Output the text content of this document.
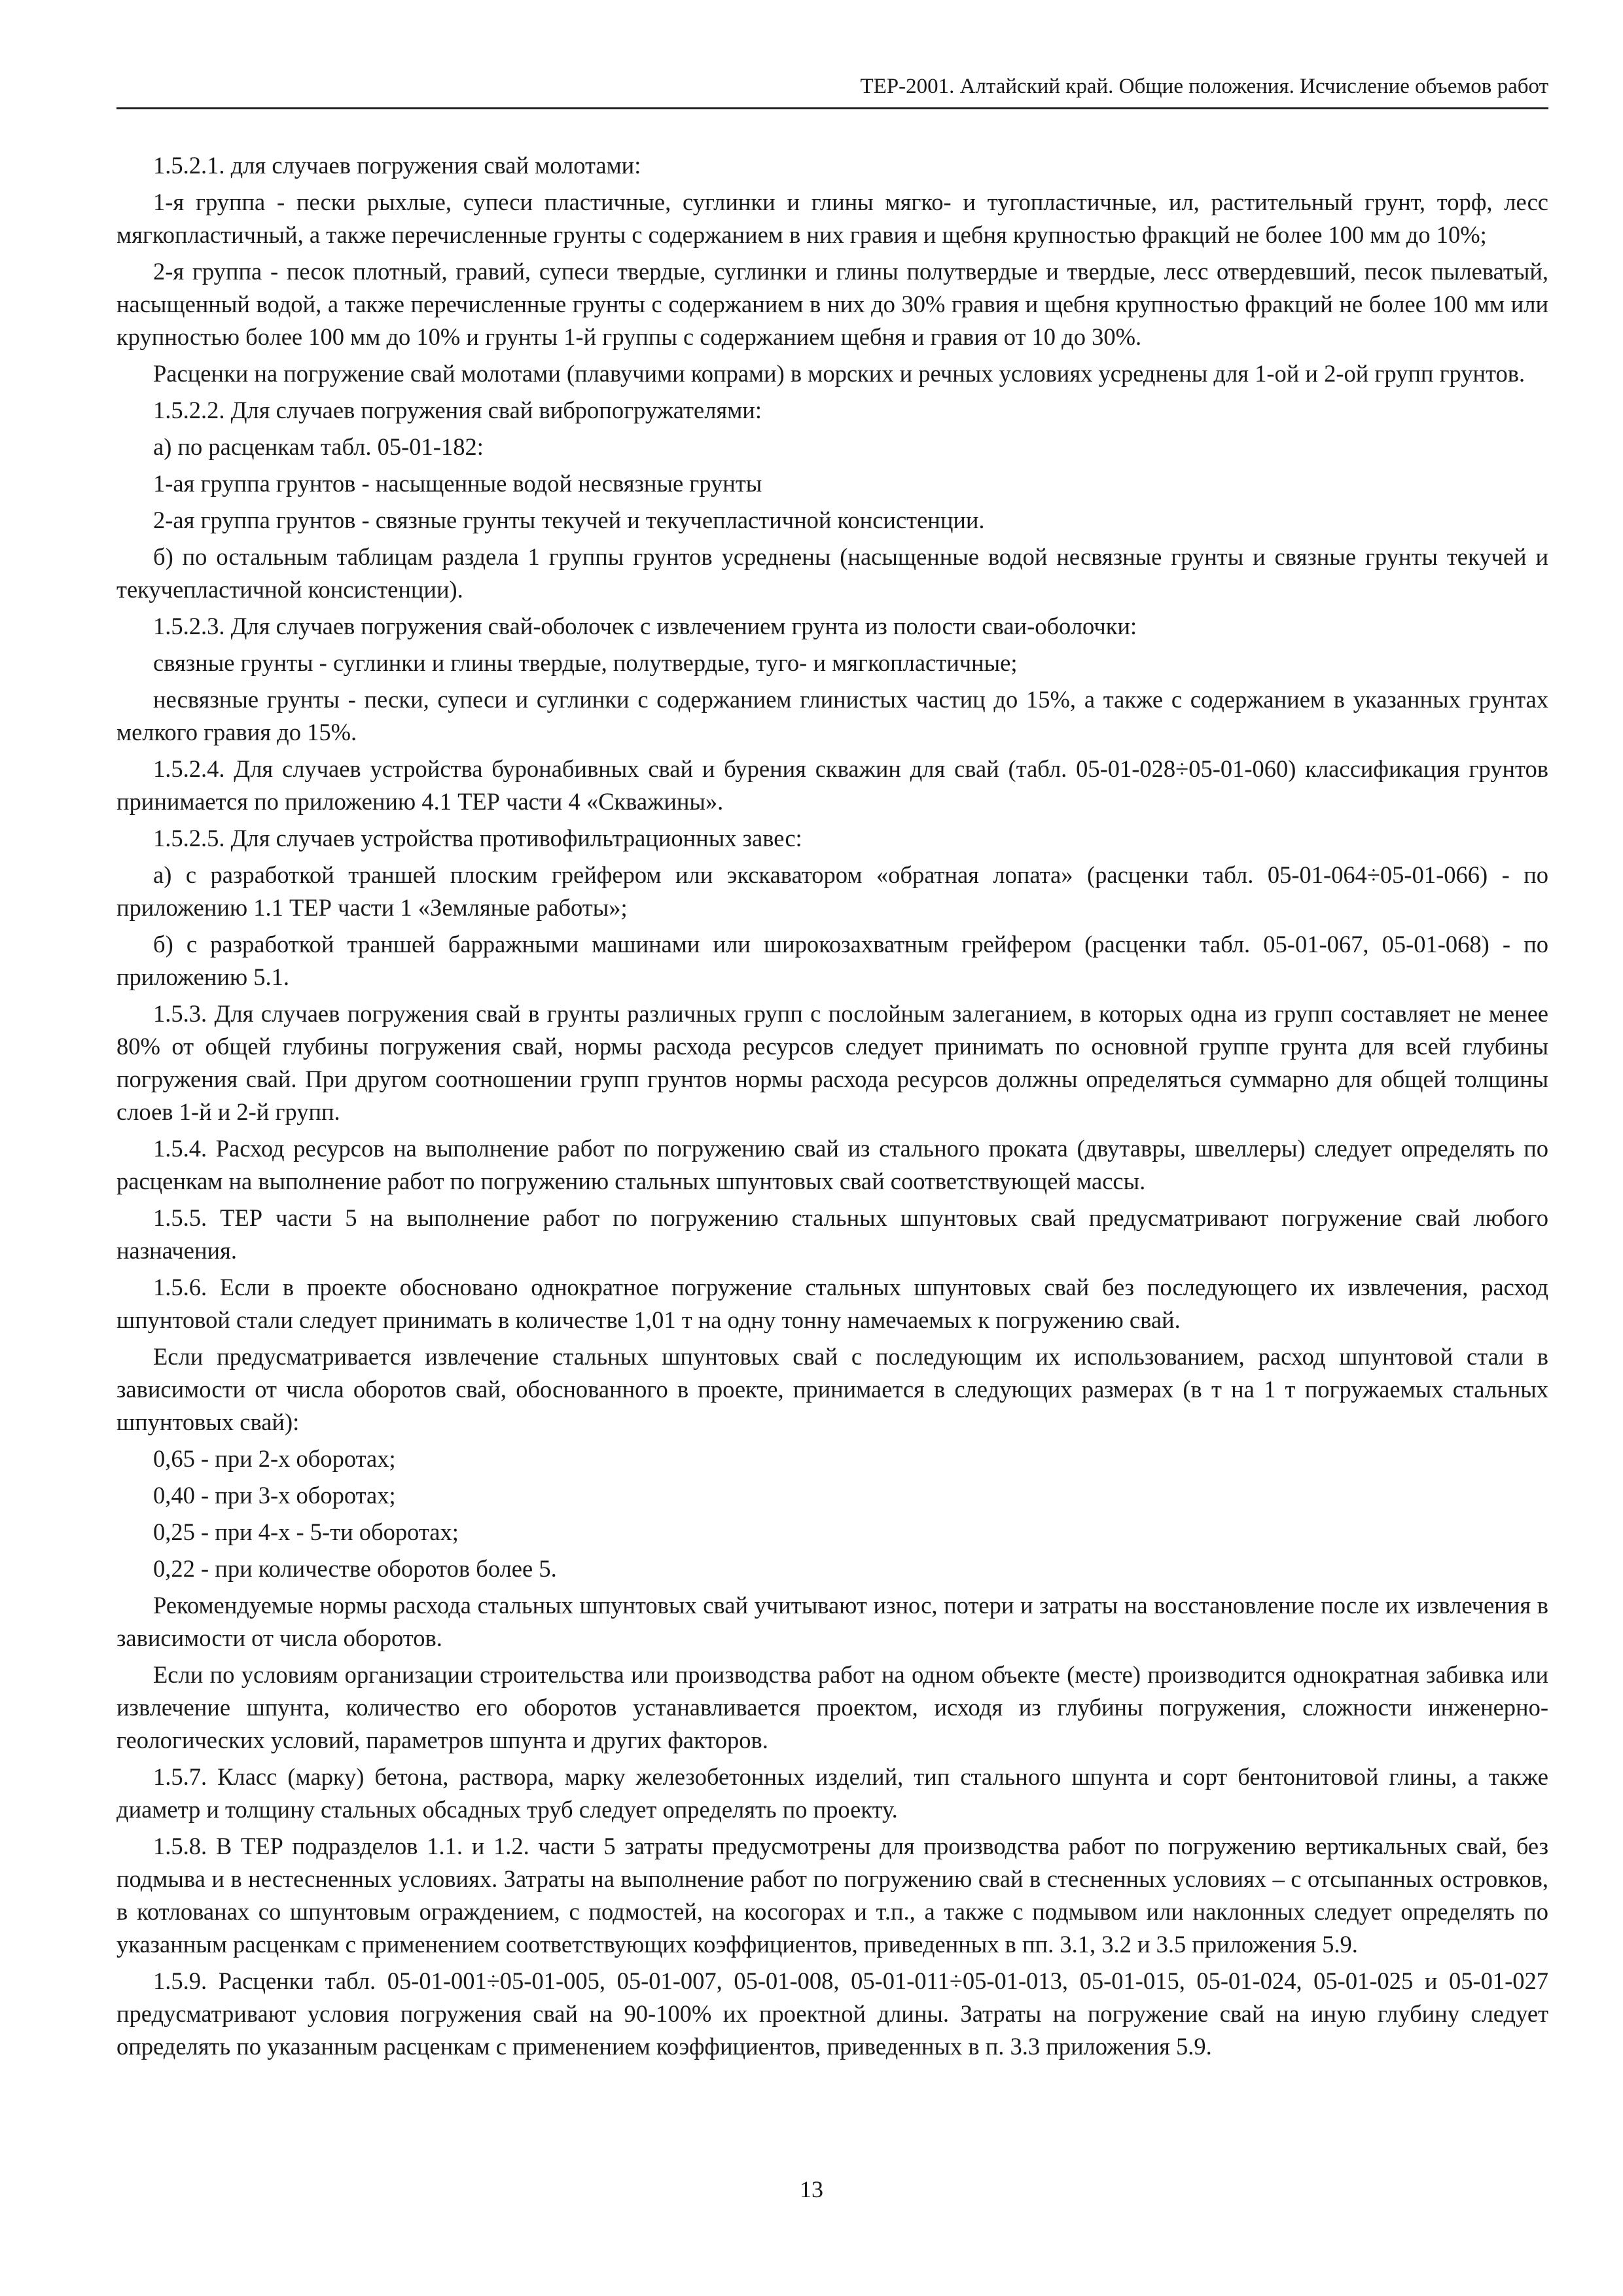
ТЕР-2001. Алтайский край. Общие положения. Исчисление объемов работ

1.5.2.1. для случаев погружения свай молотами:

1-я группа - пески рыхлые, супеси пластичные, суглинки и глины мягко- и тугопластичные, ил, растительный грунт, торф, лесс мягкопластичный, а также перечисленные грунты с содержанием в них гравия и щебня крупностью фракций не более 100 мм до 10%;

2-я группа - песок плотный, гравий, супеси твердые, суглинки и глины полутвердые и твердые, лесс отвердевший, песок пылеватый, насыщенный водой, а также перечисленные грунты с содержанием в них до 30% гравия и щебня крупностью фракций не более 100 мм или крупностью более 100 мм до 10% и грунты 1-й группы с содержанием щебня и гравия от 10 до 30%.

Расценки на погружение свай молотами (плавучими копрами) в морских и речных условиях усреднены для 1-ой и 2-ой групп грунтов.

1.5.2.2. Для случаев погружения свай вибропогружателями:

а) по расценкам табл. 05-01-182:

1-ая группа грунтов - насыщенные водой несвязные грунты

2-ая группа грунтов - связные грунты текучей и текучепластичной консистенции.

б) по остальным таблицам раздела 1 группы грунтов усреднены (насыщенные водой несвязные грунты и связные грунты текучей и текучепластичной консистенции).

1.5.2.3. Для случаев погружения свай-оболочек с извлечением грунта из полости сваи-оболочки:

связные грунты - суглинки и глины твердые, полутвердые, туго- и мягкопластичные;

несвязные грунты - пески, супеси и суглинки с содержанием глинистых частиц до 15%, а также с содержанием в указанных грунтах мелкого гравия до 15%.

1.5.2.4. Для случаев устройства буронабивных свай и бурения скважин для свай (табл. 05-01-028÷05-01-060) классификация грунтов принимается по приложению 4.1 ТЕР части 4 «Скважины».

1.5.2.5. Для случаев устройства противофильтрационных завес:

а) с разработкой траншей плоским грейфером или экскаватором «обратная лопата» (расценки табл. 05-01-064÷05-01-066) - по приложению 1.1 ТЕР части 1 «Земляные работы»;

б) с разработкой траншей барражными машинами или широкозахватным грейфером (расценки табл. 05-01-067, 05-01-068) - по приложению 5.1.

1.5.3. Для случаев погружения свай в грунты различных групп с послойным залеганием, в которых одна из групп составляет не менее 80% от общей глубины погружения свай, нормы расхода ресурсов следует принимать по основной группе грунта для всей глубины погружения свай. При другом соотношении групп грунтов нормы расхода ресурсов должны определяться суммарно для общей толщины слоев 1-й и 2-й групп.

1.5.4. Расход ресурсов на выполнение работ по погружению свай из стального проката (двутавры, швеллеры) следует определять по расценкам на выполнение работ по погружению стальных шпунтовых свай соответствующей массы.

1.5.5. ТЕР части 5 на выполнение работ по погружению стальных шпунтовых свай предусматривают погружение свай любого назначения.

1.5.6. Если в проекте обосновано однократное погружение стальных шпунтовых свай без последующего их извлечения, расход шпунтовой стали следует принимать в количестве 1,01 т на одну тонну намечаемых к погружению свай.

Если предусматривается извлечение стальных шпунтовых свай с последующим их использованием, расход шпунтовой стали в зависимости от числа оборотов свай, обоснованного в проекте, принимается в следующих размерах (в т на 1 т погружаемых стальных шпунтовых свай):

0,65 - при 2-х оборотах;

0,40 - при 3-х оборотах;

0,25 - при 4-х - 5-ти оборотах;

0,22 - при количестве оборотов более 5.

Рекомендуемые нормы расхода стальных шпунтовых свай учитывают износ, потери и затраты на восстановление после их извлечения в зависимости от числа оборотов.

Если по условиям организации строительства или производства работ на одном объекте (месте) производится однократная забивка или извлечение шпунта, количество его оборотов устанавливается проектом, исходя из глубины погружения, сложности инженерно-геологических условий, параметров шпунта и других факторов.

1.5.7. Класс (марку) бетона, раствора, марку железобетонных изделий, тип стального шпунта и сорт бентонитовой глины, а также диаметр и толщину стальных обсадных труб следует определять по проекту.

1.5.8. В ТЕР подразделов 1.1. и 1.2. части 5 затраты предусмотрены для производства работ по погружению вертикальных свай, без подмыва и в нестесненных условиях. Затраты на выполнение работ по погружению свай в стесненных условиях – с отсыпанных островков, в котлованах со шпунтовым ограждением, с подмостей, на косогорах и т.п., а также с подмывом или наклонных следует определять по указанным расценкам с применением соответствующих коэффициентов, приведенных в пп. 3.1, 3.2 и 3.5 приложения 5.9.

1.5.9. Расценки табл. 05-01-001÷05-01-005, 05-01-007, 05-01-008, 05-01-011÷05-01-013, 05-01-015, 05-01-024, 05-01-025 и 05-01-027 предусматривают условия погружения свай на 90-100% их проектной длины. Затраты на погружение свай на иную глубину следует определять по указанным расценкам с применением коэффициентов, приведенных в п. 3.3 приложения 5.9.

13
